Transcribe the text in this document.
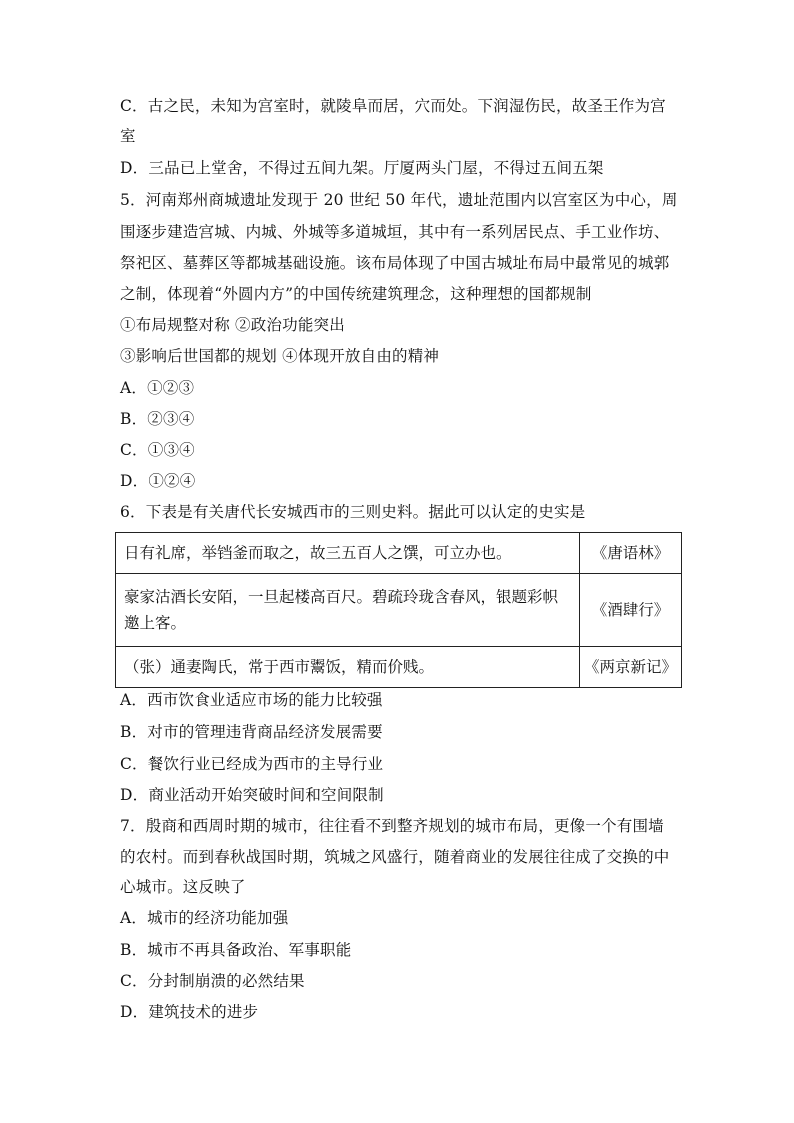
C．古之民，未知为宫室时，就陵阜而居，穴而处。下润湿伤民，故圣王作为宫
室
D．三品已上堂舍，不得过五间九架。厅厦两头门屋，不得过五间五架
5．河南郑州商城遗址发现于 20 世纪 50 年代，遗址范围内以宫室区为中心，周
围逐步建造宫城、内城、外城等多道城垣，其中有一系列居民点、手工业作坊、
祭祀区、墓葬区等都城基础设施。该布局体现了中国古城址布局中最常见的城郭
之制，体现着“外圆内方”的中国传统建筑理念，这种理想的国都规制
①布局规整对称 ②政治功能突出
③影响后世国都的规划 ④体现开放自由的精神
A．①②③
B．②③④
C．①③④
D．①②④
6．下表是有关唐代长安城西市的三则史料。据此可以认定的史实是
日有礼席，举铛釜而取之，故三五百人之馔，可立办也。	《唐语林》
豪家沽酒长安陌，一旦起楼高百尺。碧疏玲珑含春风，银题彩帜邀上客。	《酒肆行》
（张）通妻陶氏，常于西市鬻饭，精而价贱。	《两京新记》
A．西市饮食业适应市场的能力比较强
B．对市的管理违背商品经济发展需要
C．餐饮行业已经成为西市的主导行业
D．商业活动开始突破时间和空间限制
7．殷商和西周时期的城市，往往看不到整齐规划的城市布局，更像一个有围墙
的农村。而到春秋战国时期，筑城之风盛行，随着商业的发展往往成了交换的中
心城市。这反映了
A．城市的经济功能加强
B．城市不再具备政治、军事职能
C．分封制崩溃的必然结果
D．建筑技术的进步
